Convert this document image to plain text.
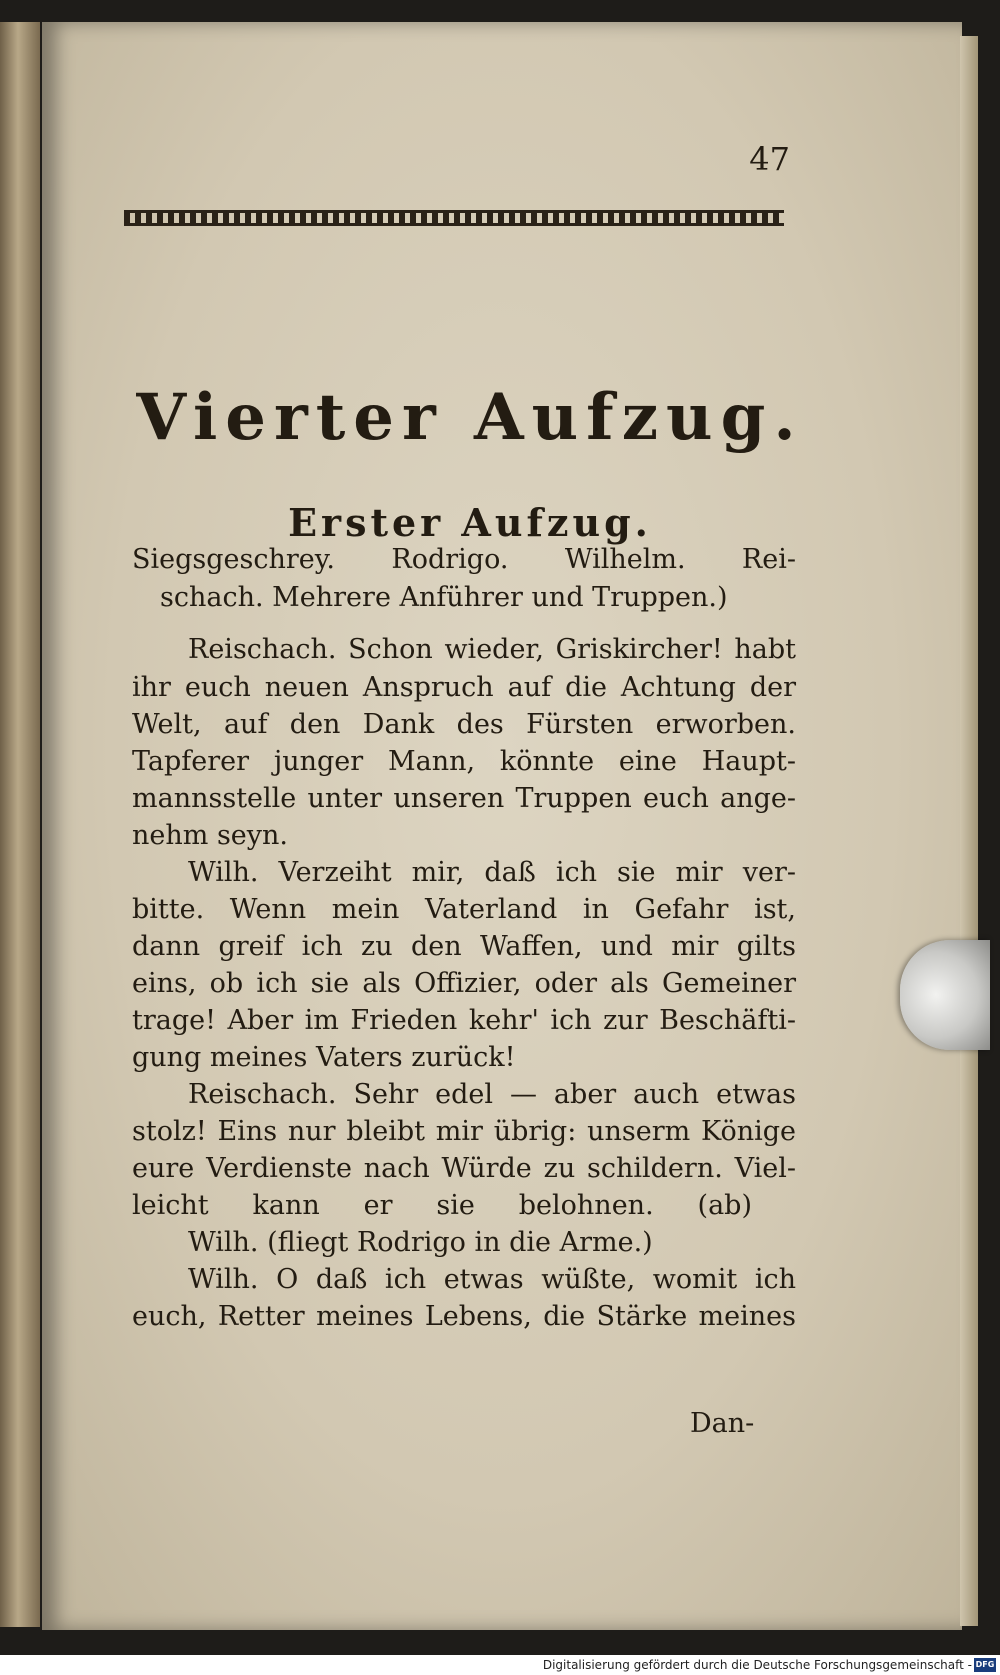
47
Vierter Aufzug.
Erster Aufzug.
Siegsgeschrey. Rodrigo. Wilhelm. Rei-
schach. Mehrere Anführer und Truppen.)
Reischach. Schon wieder, Griskircher! habt
ihr euch neuen Anspruch auf die Achtung der
Welt, auf den Dank des Fürsten erworben.
Tapferer junger Mann, könnte eine Haupt-
mannsstelle unter unseren Truppen euch ange-
nehm seyn.
Wilh. Verzeiht mir, daß ich sie mir ver-
bitte. Wenn mein Vaterland in Gefahr ist,
dann greif ich zu den Waffen, und mir gilts
eins, ob ich sie als Offizier, oder als Gemeiner
trage! Aber im Frieden kehr' ich zur Beschäfti-
gung meines Vaters zurück!
Reischach. Sehr edel — aber auch etwas
stolz! Eins nur bleibt mir übrig: unserm Könige
eure Verdienste nach Würde zu schildern. Viel-
leicht kann er sie belohnen. (ab)
Wilh. (fliegt Rodrigo in die Arme.)
Wilh. O daß ich etwas wüßte, womit ich
euch, Retter meines Lebens, die Stärke meines
Dan-
Digitalisierung gefördert durch die Deutsche Forschungsgemeinschaft - DFG
